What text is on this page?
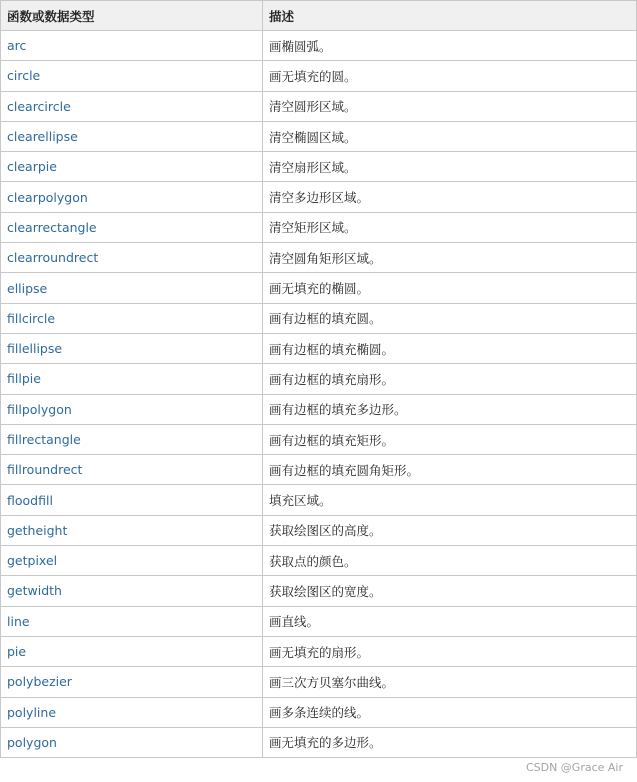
函数或数据类型	描述
arc	画椭圆弧。
circle	画无填充的圆。
clearcircle	清空圆形区域。
clearellipse	清空椭圆区域。
clearpie	清空扇形区域。
clearpolygon	清空多边形区域。
clearrectangle	清空矩形区域。
clearroundrect	清空圆角矩形区域。
ellipse	画无填充的椭圆。
fillcircle	画有边框的填充圆。
fillellipse	画有边框的填充椭圆。
fillpie	画有边框的填充扇形。
fillpolygon	画有边框的填充多边形。
fillrectangle	画有边框的填充矩形。
fillroundrect	画有边框的填充圆角矩形。
floodfill	填充区域。
getheight	获取绘图区的高度。
getpixel	获取点的颜色。
getwidth	获取绘图区的宽度。
line	画直线。
pie	画无填充的扇形。
polybezier	画三次方贝塞尔曲线。
polyline	画多条连续的线。
polygon	画无填充的多边形。
CSDN @Grace Air
